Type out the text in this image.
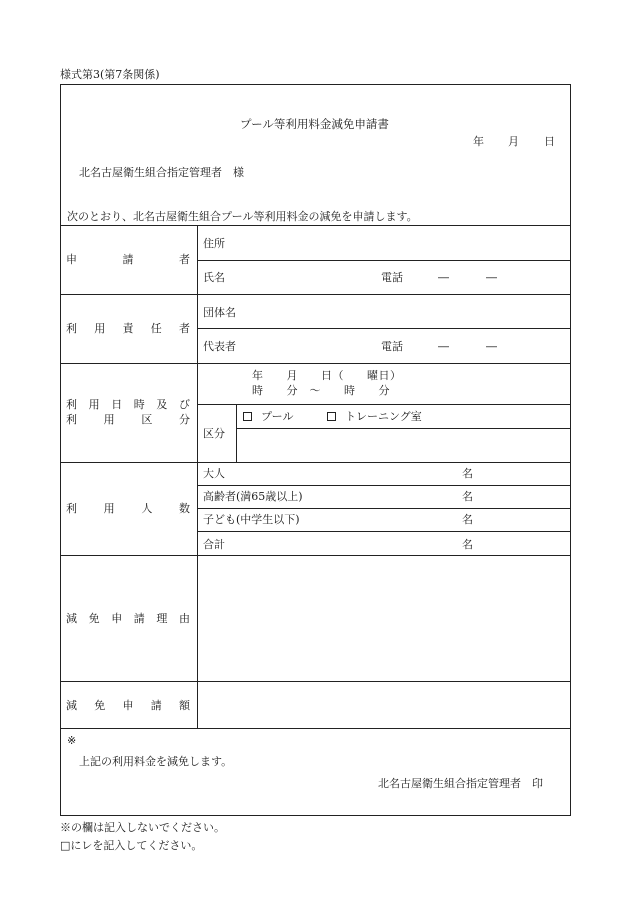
様式第3(第7条関係)
プール等利用料金減免申請書
年 月 日
北名古屋衛生組合指定管理者　様
次のとおり、北名古屋衛生組合プール等利用料金の減免を申請します。
申	請	者
住所
氏名	電話	―	―
利 用 責 任 者
団体名
代表者	電話	―	―
利 用 日 時 及 び
利 用 区 分
年　　月　　日（　　曜日）
時　　分　～　　時　　分
区分
プール	トレーニング室
利 用 人 数
大人	名
高齢者(満65歳以上)	名
子ども(中学生以下)	名
合計	名
減 免 申 請 理 由
減 免 申 請 額
※
上記の利用料金を減免します。
北名古屋衛生組合指定管理者　印
※の欄は記入しないでください。
□にレを記入してください。
